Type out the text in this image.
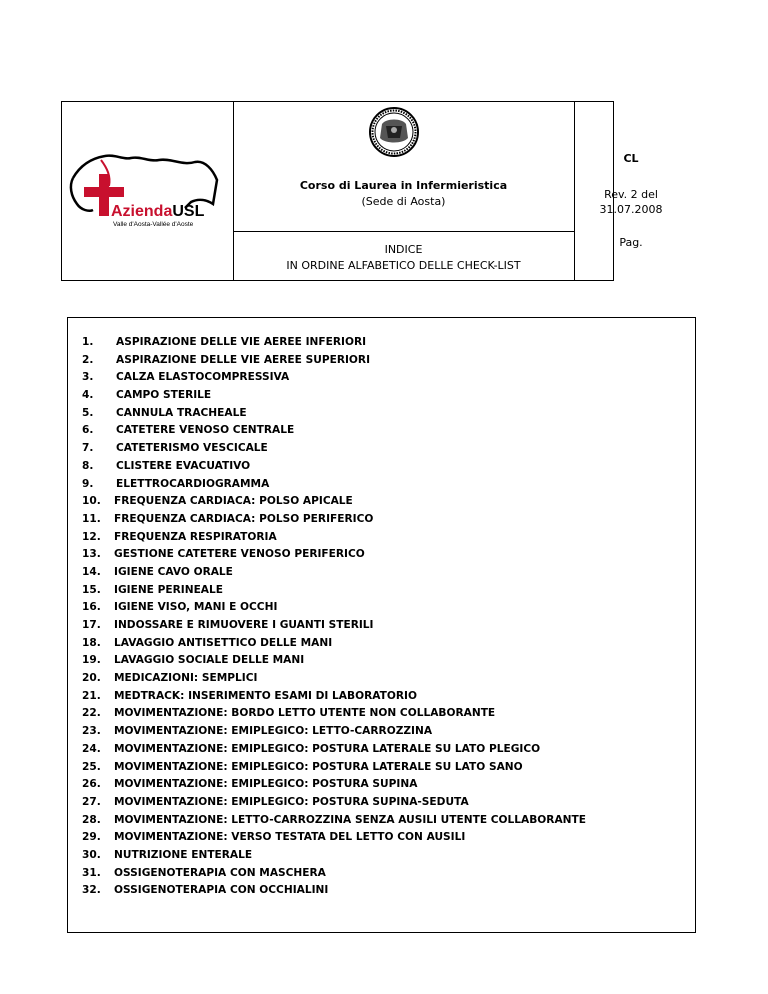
AziendaUSL
Valle d'Aosta-Vallée d'Aoste
Corso di Laurea in Infermieristica
(Sede di Aosta)
INDICE
IN ORDINE ALFABETICO DELLE CHECK-LIST
CL
Rev. 2 del
31.07.2008
Pag.
1. ASPIRAZIONE DELLE VIE AEREE INFERIORI
2. ASPIRAZIONE DELLE VIE AEREE SUPERIORI
3. CALZA ELASTOCOMPRESSIVA
4. CAMPO STERILE
5. CANNULA TRACHEALE
6. CATETERE VENOSO CENTRALE
7. CATETERISMO VESCICALE
8. CLISTERE EVACUATIVO
9. ELETTROCARDIOGRAMMA
10. FREQUENZA CARDIACA: POLSO APICALE
11. FREQUENZA CARDIACA: POLSO PERIFERICO
12. FREQUENZA RESPIRATORIA
13. GESTIONE CATETERE VENOSO PERIFERICO
14. IGIENE CAVO ORALE
15. IGIENE PERINEALE
16. IGIENE VISO, MANI E OCCHI
17. INDOSSARE E RIMUOVERE I GUANTI STERILI
18. LAVAGGIO ANTISETTICO DELLE MANI
19. LAVAGGIO SOCIALE DELLE MANI
20. MEDICAZIONI: SEMPLICI
21. MEDTRACK: INSERIMENTO ESAMI DI LABORATORIO
22. MOVIMENTAZIONE: BORDO LETTO UTENTE NON COLLABORANTE
23. MOVIMENTAZIONE: EMIPLEGICO: LETTO-CARROZZINA
24. MOVIMENTAZIONE: EMIPLEGICO: POSTURA LATERALE SU LATO PLEGICO
25. MOVIMENTAZIONE: EMIPLEGICO: POSTURA LATERALE SU LATO SANO
26. MOVIMENTAZIONE: EMIPLEGICO: POSTURA SUPINA
27. MOVIMENTAZIONE: EMIPLEGICO: POSTURA SUPINA-SEDUTA
28. MOVIMENTAZIONE: LETTO-CARROZZINA SENZA AUSILI UTENTE COLLABORANTE
29. MOVIMENTAZIONE: VERSO TESTATA DEL LETTO CON AUSILI
30. NUTRIZIONE ENTERALE
31. OSSIGENOTERAPIA CON MASCHERA
32. OSSIGENOTERAPIA CON OCCHIALINI
